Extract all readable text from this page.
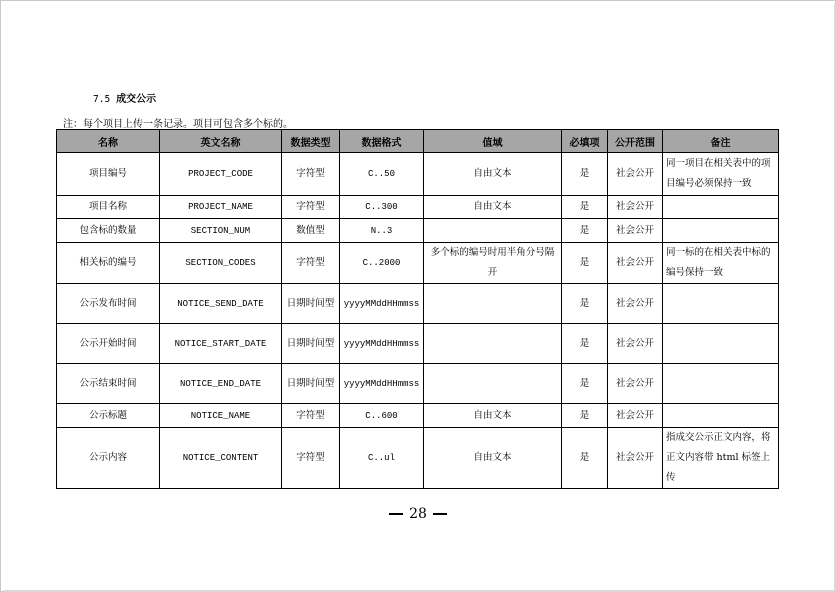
7.5 成交公示
注：每个项目上传一条记录。项目可包含多个标的。
名称	英文名称	数据类型	数据格式	值域	必填项	公开范围	备注
项目编号	PROJECT_CODE	字符型	C..50	自由文本	是	社会公开	同一项目在相关表中的项目编号必须保持一致
项目名称	PROJECT_NAME	字符型	C..300	自由文本	是	社会公开	
包含标的数量	SECTION_NUM	数值型	N..3		是	社会公开	
相关标的编号	SECTION_CODES	字符型	C..2000	多个标的编号时用半角分号隔开	是	社会公开	同一标的在相关表中标的编号保持一致
公示发布时间	NOTICE_SEND_DATE	日期时间型	yyyyMMddHHmmss		是	社会公开	
公示开始时间	NOTICE_START_DATE	日期时间型	yyyyMMddHHmmss		是	社会公开	
公示结束时间	NOTICE_END_DATE	日期时间型	yyyyMMddHHmmss		是	社会公开	
公示标题	NOTICE_NAME	字符型	C..600	自由文本	是	社会公开	
公示内容	NOTICE_CONTENT	字符型	C..ul	自由文本	是	社会公开	指成交公示正文内容，将正文内容带 html 标签上传
28
